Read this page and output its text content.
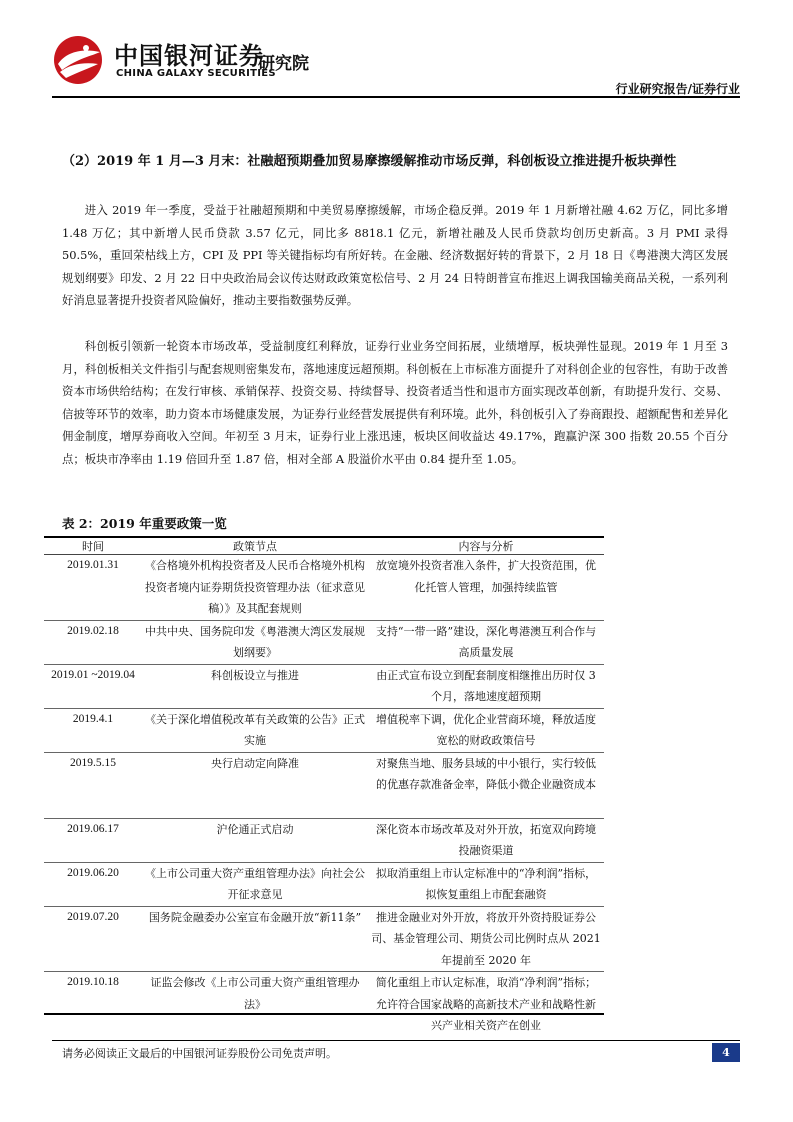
中国银河证券
CHINA GALAXY SECURITIES
研究院
行业研究报告/证券行业
（2）2019 年 1 月—3 月末：社融超预期叠加贸易摩擦缓解推动市场反弹，科创板设立推进提升板块弹性
进入 2019 年一季度，受益于社融超预期和中美贸易摩擦缓解，市场企稳反弹。2019 年 1 月新增社融 4.62 万亿，同比多增 1.48 万亿；其中新增人民币贷款 3.57 亿元，同比多 8818.1 亿元，新增社融及人民币贷款均创历史新高。3 月 PMI 录得 50.5%，重回荣枯线上方，CPI 及 PPI 等关键指标均有所好转。在金融、经济数据好转的背景下，2 月 18 日《粤港澳大湾区发展规划纲要》印发、2 月 22 日中央政治局会议传达财政政策宽松信号、2 月 24 日特朗普宣布推迟上调我国输美商品关税，一系列利好消息显著提升投资者风险偏好，推动主要指数强势反弹。
科创板引领新一轮资本市场改革，受益制度红利释放，证券行业业务空间拓展，业绩增厚，板块弹性显现。2019 年 1 月至 3 月，科创板相关文件指引与配套规则密集发布，落地速度远超预期。科创板在上市标准方面提升了对科创企业的包容性，有助于改善资本市场供给结构；在发行审核、承销保荐、投资交易、持续督导、投资者适当性和退市方面实现改革创新，有助提升发行、交易、信披等环节的效率，助力资本市场健康发展，为证券行业经营发展提供有利环境。此外，科创板引入了券商跟投、超额配售和差异化佣金制度，增厚券商收入空间。年初至 3 月末，证券行业上涨迅速，板块区间收益达 49.17%，跑赢沪深 300 指数 20.55 个百分点；板块市净率由 1.19 倍回升至 1.87 倍，相对全部 A 股溢价水平由 0.84 提升至 1.05。
表 2：2019 年重要政策一览
时间	政策节点	内容与分析
2019.01.31	《合格境外机构投资者及人民币合格境外机构投资者境内证券期货投资管理办法（征求意见稿）》及其配套规则	放宽境外投资者准入条件，扩大投资范围，优化托管人管理，加强持续监管
2019.02.18	中共中央、国务院印发《粤港澳大湾区发展规划纲要》	支持“一带一路”建设，深化粤港澳互利合作与高质量发展
2019.01 ~2019.04	科创板设立与推进	由正式宣布设立到配套制度相继推出历时仅 3 个月，落地速度超预期
2019.4.1	《关于深化增值税改革有关政策的公告》正式实施	增值税率下调，优化企业营商环境，释放适度宽松的财政政策信号
2019.5.15	央行启动定向降准	对聚焦当地、服务县域的中小银行，实行较低的优惠存款准备金率，降低小微企业融资成本
2019.06.17	沪伦通正式启动	深化资本市场改革及对外开放，拓宽双向跨境投融资渠道
2019.06.20	《上市公司重大资产重组管理办法》向社会公开征求意见	拟取消重组上市认定标准中的“净利润”指标，拟恢复重组上市配套融资
2019.07.20	国务院金融委办公室宣布金融开放“新11条”	推进金融业对外开放，将放开外资持股证券公司、基金管理公司、期货公司比例时点从 2021 年提前至 2020 年
2019.10.18	证监会修改《上市公司重大资产重组管理办法》	简化重组上市认定标准，取消“净利润”指标；允许符合国家战略的高新技术产业和战略性新兴产业相关资产在创业
请务必阅读正文最后的中国银河证券股份公司免责声明。	4
